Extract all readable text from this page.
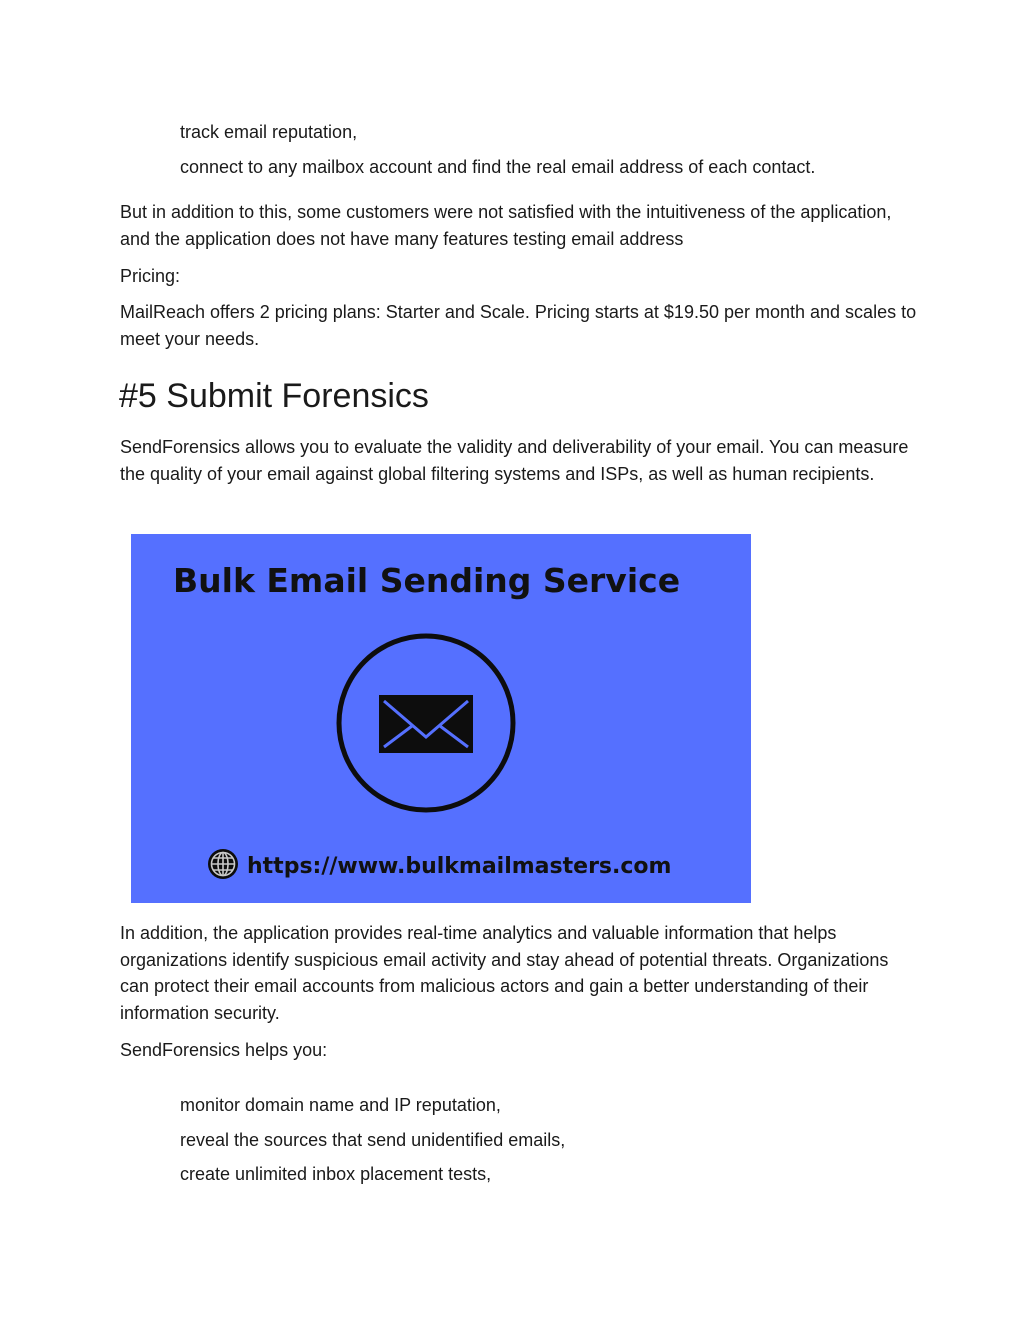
track email reputation,
connect to any mailbox account and find the real email address of each contact.
But in addition to this, some customers were not satisfied with the intuitiveness of the application, and the application does not have many features testing email address
Pricing:
MailReach offers 2 pricing plans: Starter and Scale. Pricing starts at $19.50 per month and scales to meet your needs.
#5 Submit Forensics
SendForensics allows you to evaluate the validity and deliverability of your email. You can measure the quality of your email against global filtering systems and ISPs, as well as human recipients.
Bulk Email Sending Service
https://www.bulkmailmasters.com
In addition, the application provides real-time analytics and valuable information that helps organizations identify suspicious email activity and stay ahead of potential threats. Organizations can protect their email accounts from malicious actors and gain a better understanding of their information security.
SendForensics helps you:
monitor domain name and IP reputation,
reveal the sources that send unidentified emails,
create unlimited inbox placement tests,
